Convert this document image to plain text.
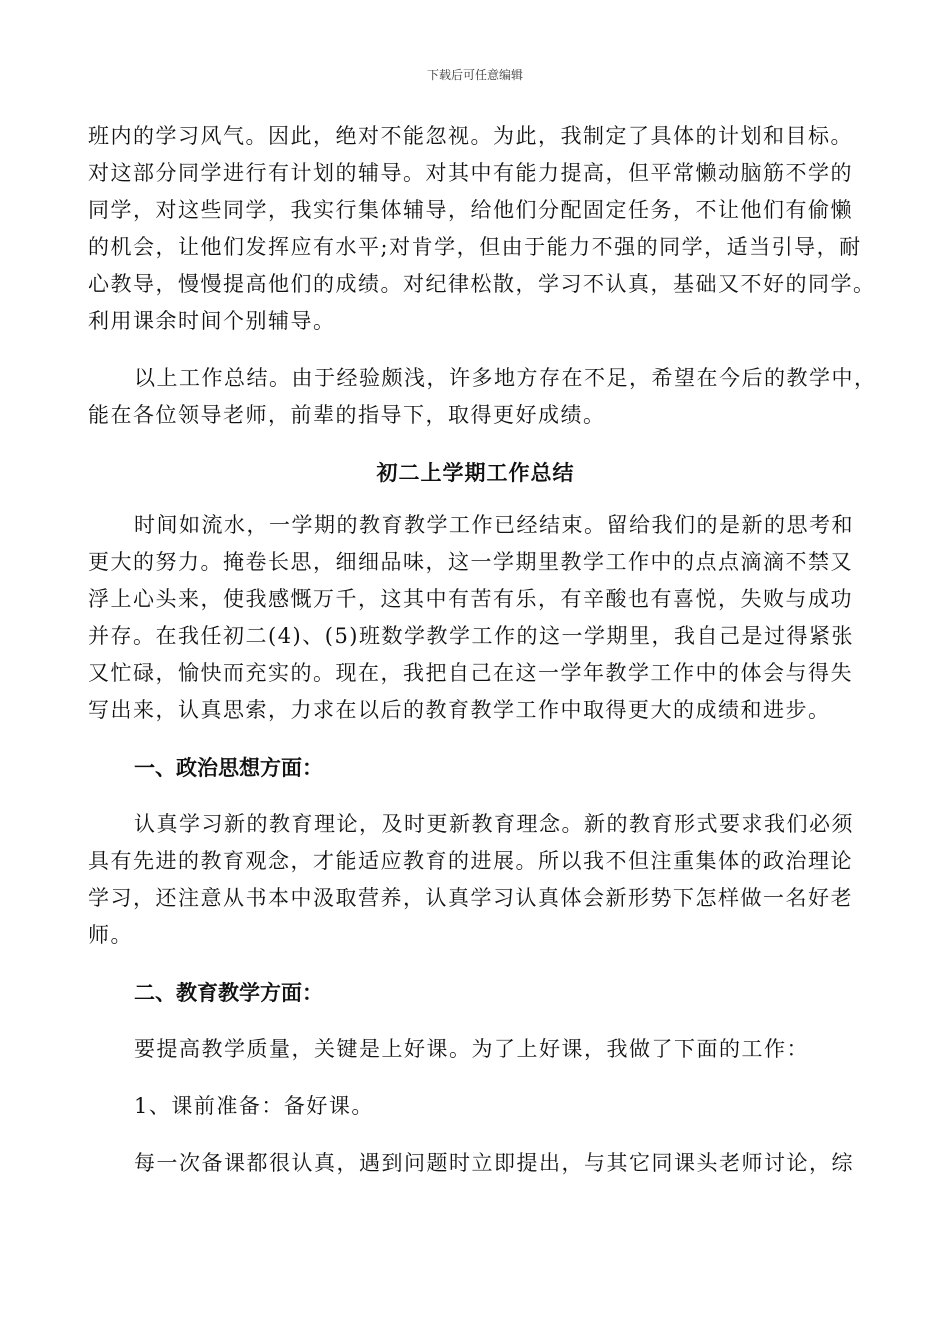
下载后可任意编辑
班内的学习风气。因此，绝对不能忽视。为此，我制定了具体的计划和目标。
对这部分同学进行有计划的辅导。对其中有能力提高，但平常懒动脑筋不学的
同学，对这些同学，我实行集体辅导，给他们分配固定任务，不让他们有偷懒
的机会，让他们发挥应有水平;对肯学，但由于能力不强的同学，适当引导，耐
心教导，慢慢提高他们的成绩。对纪律松散，学习不认真，基础又不好的同学。
利用课余时间个别辅导。
以上工作总结。由于经验颇浅，许多地方存在不足，希望在今后的教学中，
能在各位领导老师，前辈的指导下，取得更好成绩。
初二上学期工作总结
时间如流水，一学期的教育教学工作已经结束。留给我们的是新的思考和
更大的努力。掩卷长思，细细品味，这一学期里教学工作中的点点滴滴不禁又
浮上心头来，使我感慨万千，这其中有苦有乐，有辛酸也有喜悦，失败与成功
并存。在我任初二(4)、(5)班数学教学工作的这一学期里，我自己是过得紧张
又忙碌，愉快而充实的。现在，我把自己在这一学年教学工作中的体会与得失
写出来，认真思索，力求在以后的教育教学工作中取得更大的成绩和进步。
一、政治思想方面：
认真学习新的教育理论，及时更新教育理念。新的教育形式要求我们必须
具有先进的教育观念，才能适应教育的进展。所以我不但注重集体的政治理论
学习，还注意从书本中汲取营养，认真学习认真体会新形势下怎样做一名好老
师。
二、教育教学方面：
要提高教学质量，关键是上好课。为了上好课，我做了下面的工作：
1、课前准备：备好课。
每一次备课都很认真，遇到问题时立即提出，与其它同课头老师讨论，综
